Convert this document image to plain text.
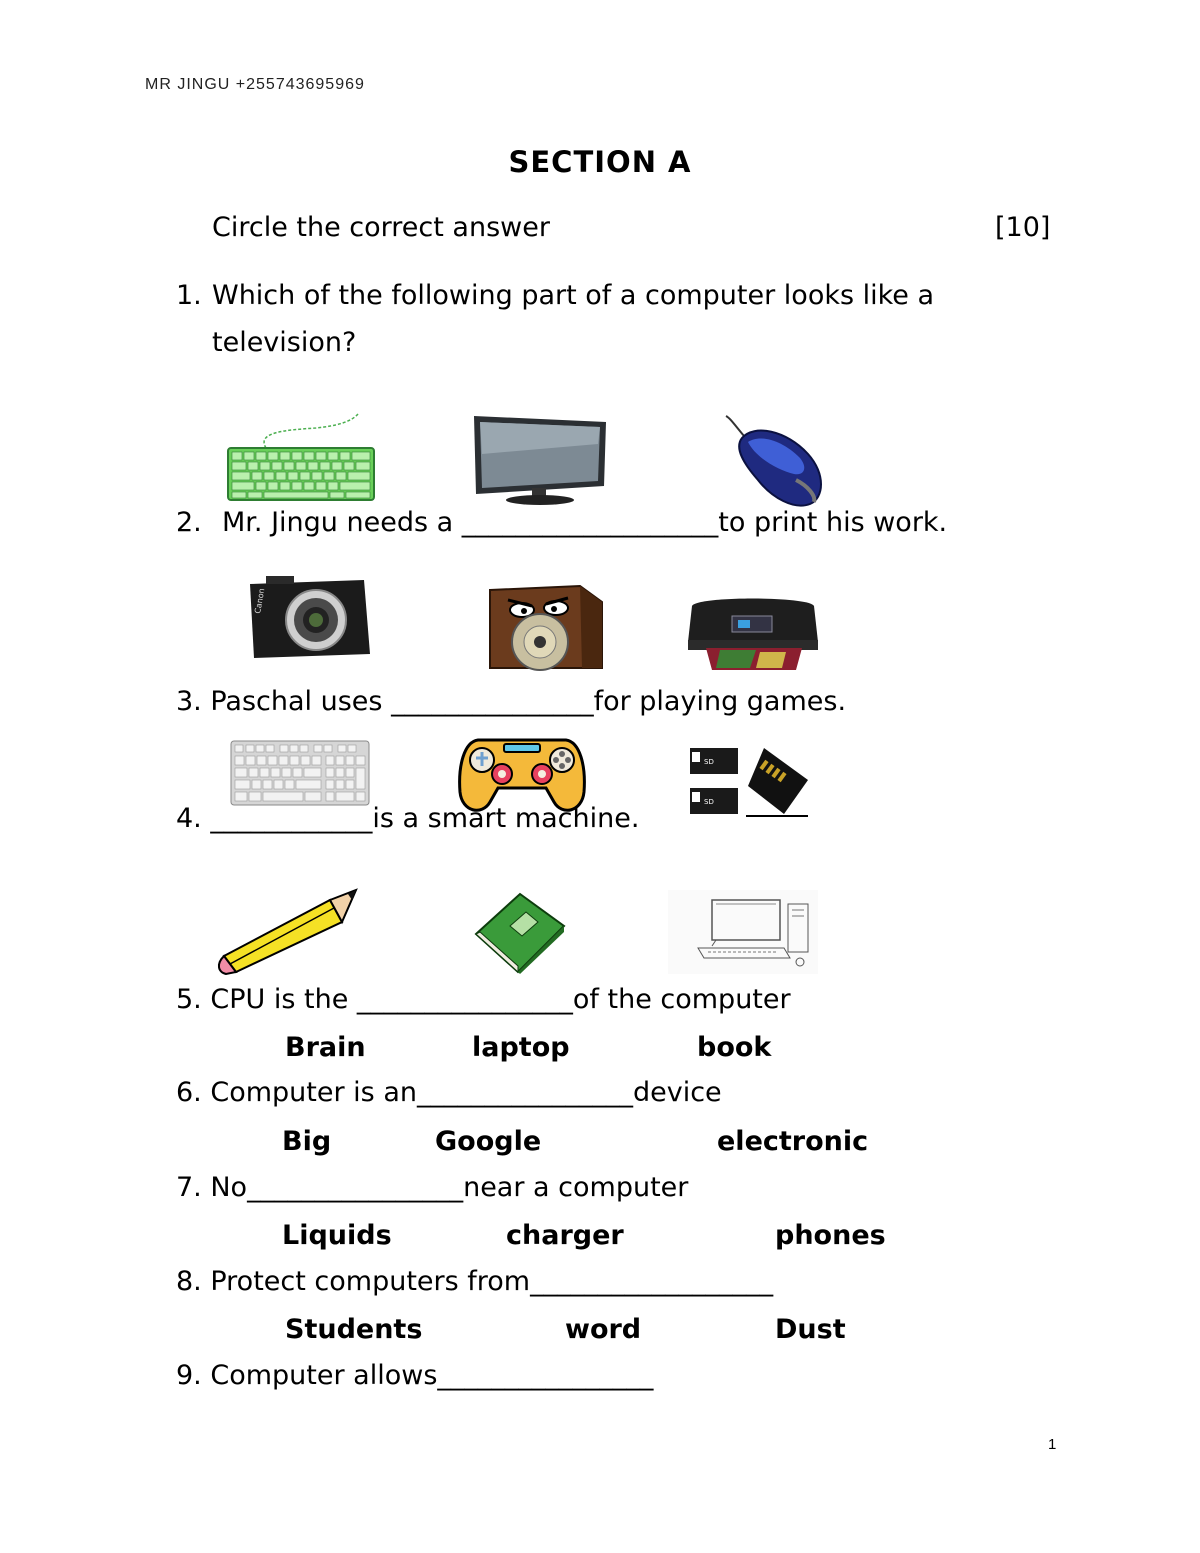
MR JINGU +255743695969
SECTION A
Circle the correct answer	[10]
1. Which of the following part of a computer looks like a
television?
2. Mr. Jingu needs a ___________________to print his work.
Canon
3. Paschal uses _______________for playing games.
SD
SD
4. ____________is a smart machine.
5. CPU is the ________________of the computer
Brain	laptop	book
6. Computer is an________________device
Big	Google	electronic
7. No________________near a computer
Liquids	charger	phones
8. Protect computers from__________________
Students	word	Dust
9. Computer allows________________
1
